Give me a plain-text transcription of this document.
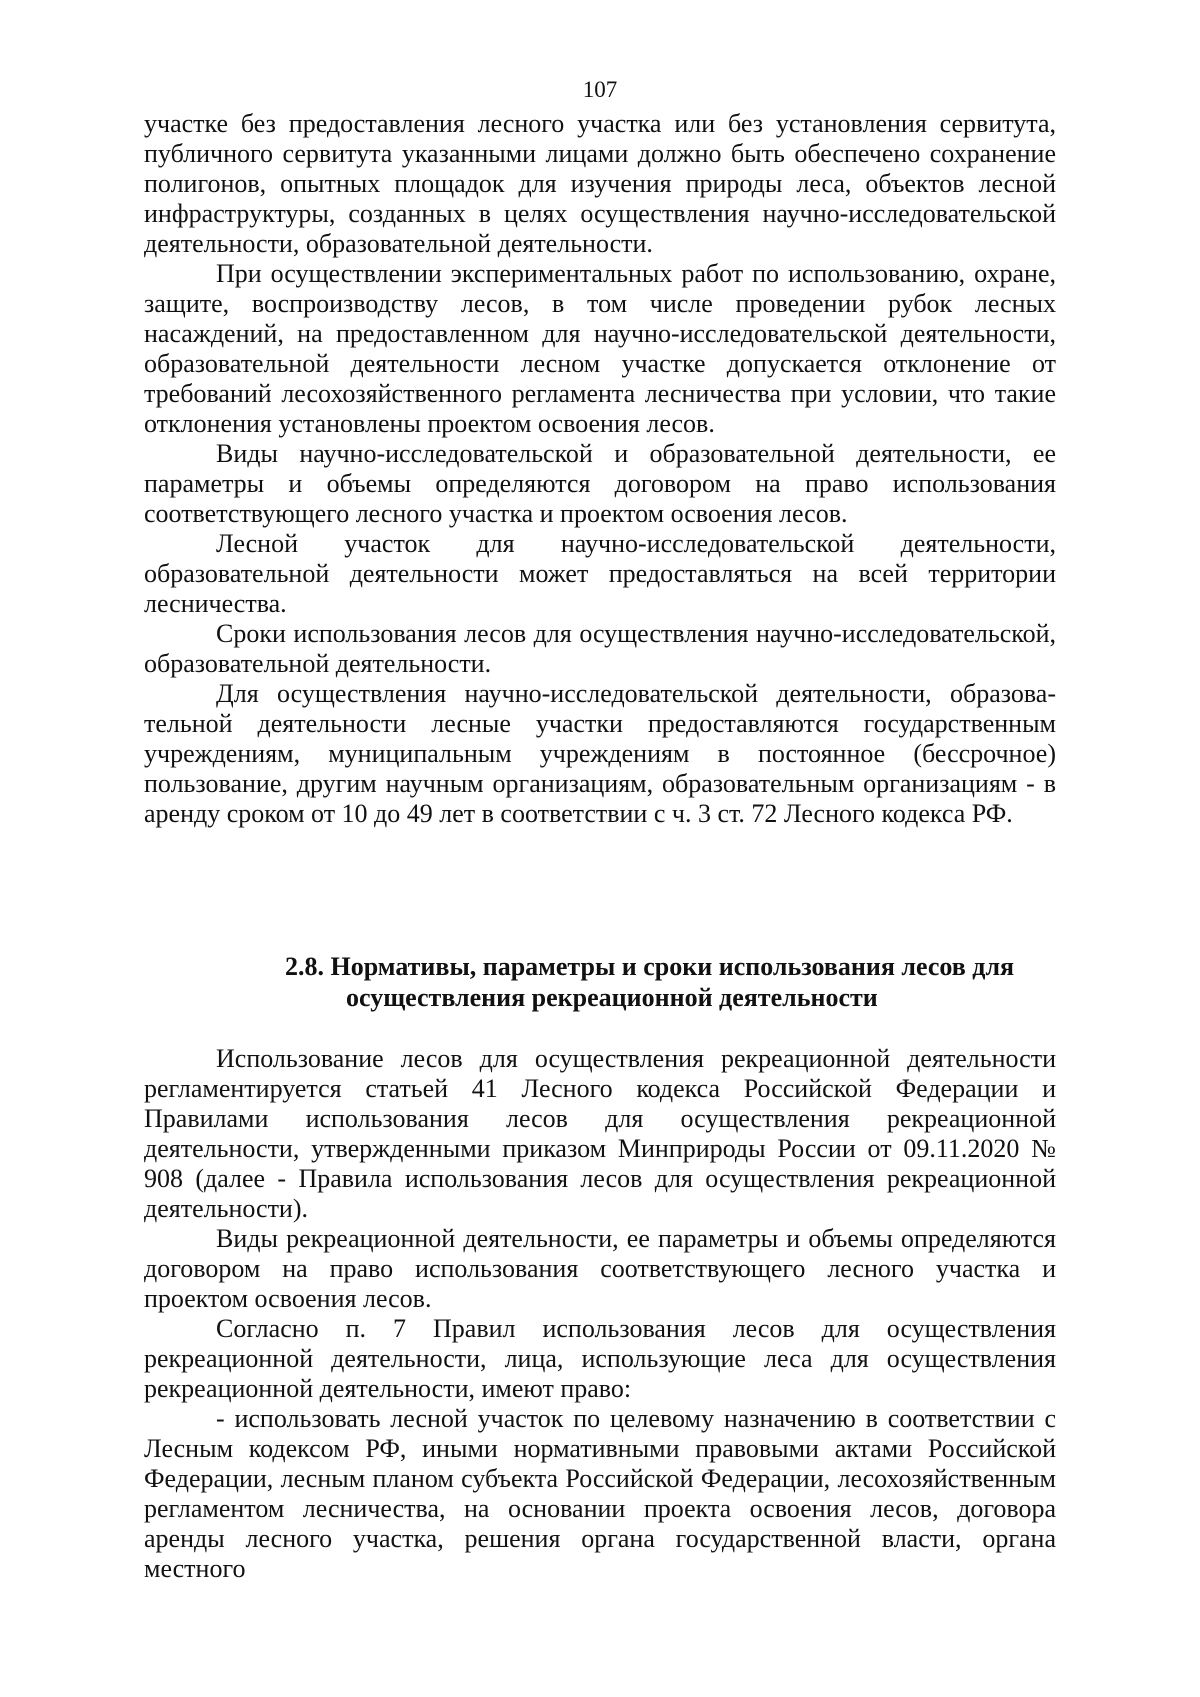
107

участке без предоставления лесного участка или без установления сервитута, публичного сервитута указанными лицами должно быть обеспечено сохранение полигонов, опытных площадок для изучения природы леса, объектов лесной инфраструктуры, созданных в целях осуществления научно-исследовательской деятельности, образовательной деятельности.

При осуществлении экспериментальных работ по использованию, охране, защите, воспроизводству лесов, в том числе проведении рубок лесных насаждений, на предоставленном для научно-исследовательской деятельности, образовательной деятельности лесном участке допускается отклонение от требований лесохозяйственного регламента лесничества при условии, что такие отклонения установлены проектом освоения лесов.

Виды научно-исследовательской и образовательной деятельности, ее параметры и объемы определяются договором на право использования соответствующего лесного участка и проектом освоения лесов.

Лесной участок для научно-исследовательской деятельности, образовательной деятельности может предоставляться на всей территории лесничества.

Сроки использования лесов для осуществления научно-исследовательской, образовательной деятельности.

Для осуществления научно-исследовательской деятельности, образова-тельной деятельности лесные участки предоставляются государственным учреждениям, муниципальным учреждениям в постоянное (бессрочное) пользование, другим научным организациям, образовательным организациям - в аренду сроком от 10 до 49 лет в соответствии с ч. 3 ст. 72 Лесного кодекса РФ.

2.8. Нормативы, параметры и сроки использования лесов для
осуществления рекреационной деятельности

Использование лесов для осуществления рекреационной деятельности регламентируется статьей 41 Лесного кодекса Российской Федерации и Правилами использования лесов для осуществления рекреационной деятельности, утвержденными приказом Минприроды России от 09.11.2020 № 908 (далее - Правила использования лесов для осуществления рекреационной деятельности).

Виды рекреационной деятельности, ее параметры и объемы определяются договором на право использования соответствующего лесного участка и проектом освоения лесов.

Согласно п. 7 Правил использования лесов для осуществления рекреационной деятельности, лица, использующие леса для осуществления рекреационной деятельности, имеют право:

- использовать лесной участок по целевому назначению в соответствии с Лесным кодексом РФ, иными нормативными правовыми актами Российской Федерации, лесным планом субъекта Российской Федерации, лесохозяйственным регламентом лесничества, на основании проекта освоения лесов, договора аренды лесного участка, решения органа государственной власти, органа местного
